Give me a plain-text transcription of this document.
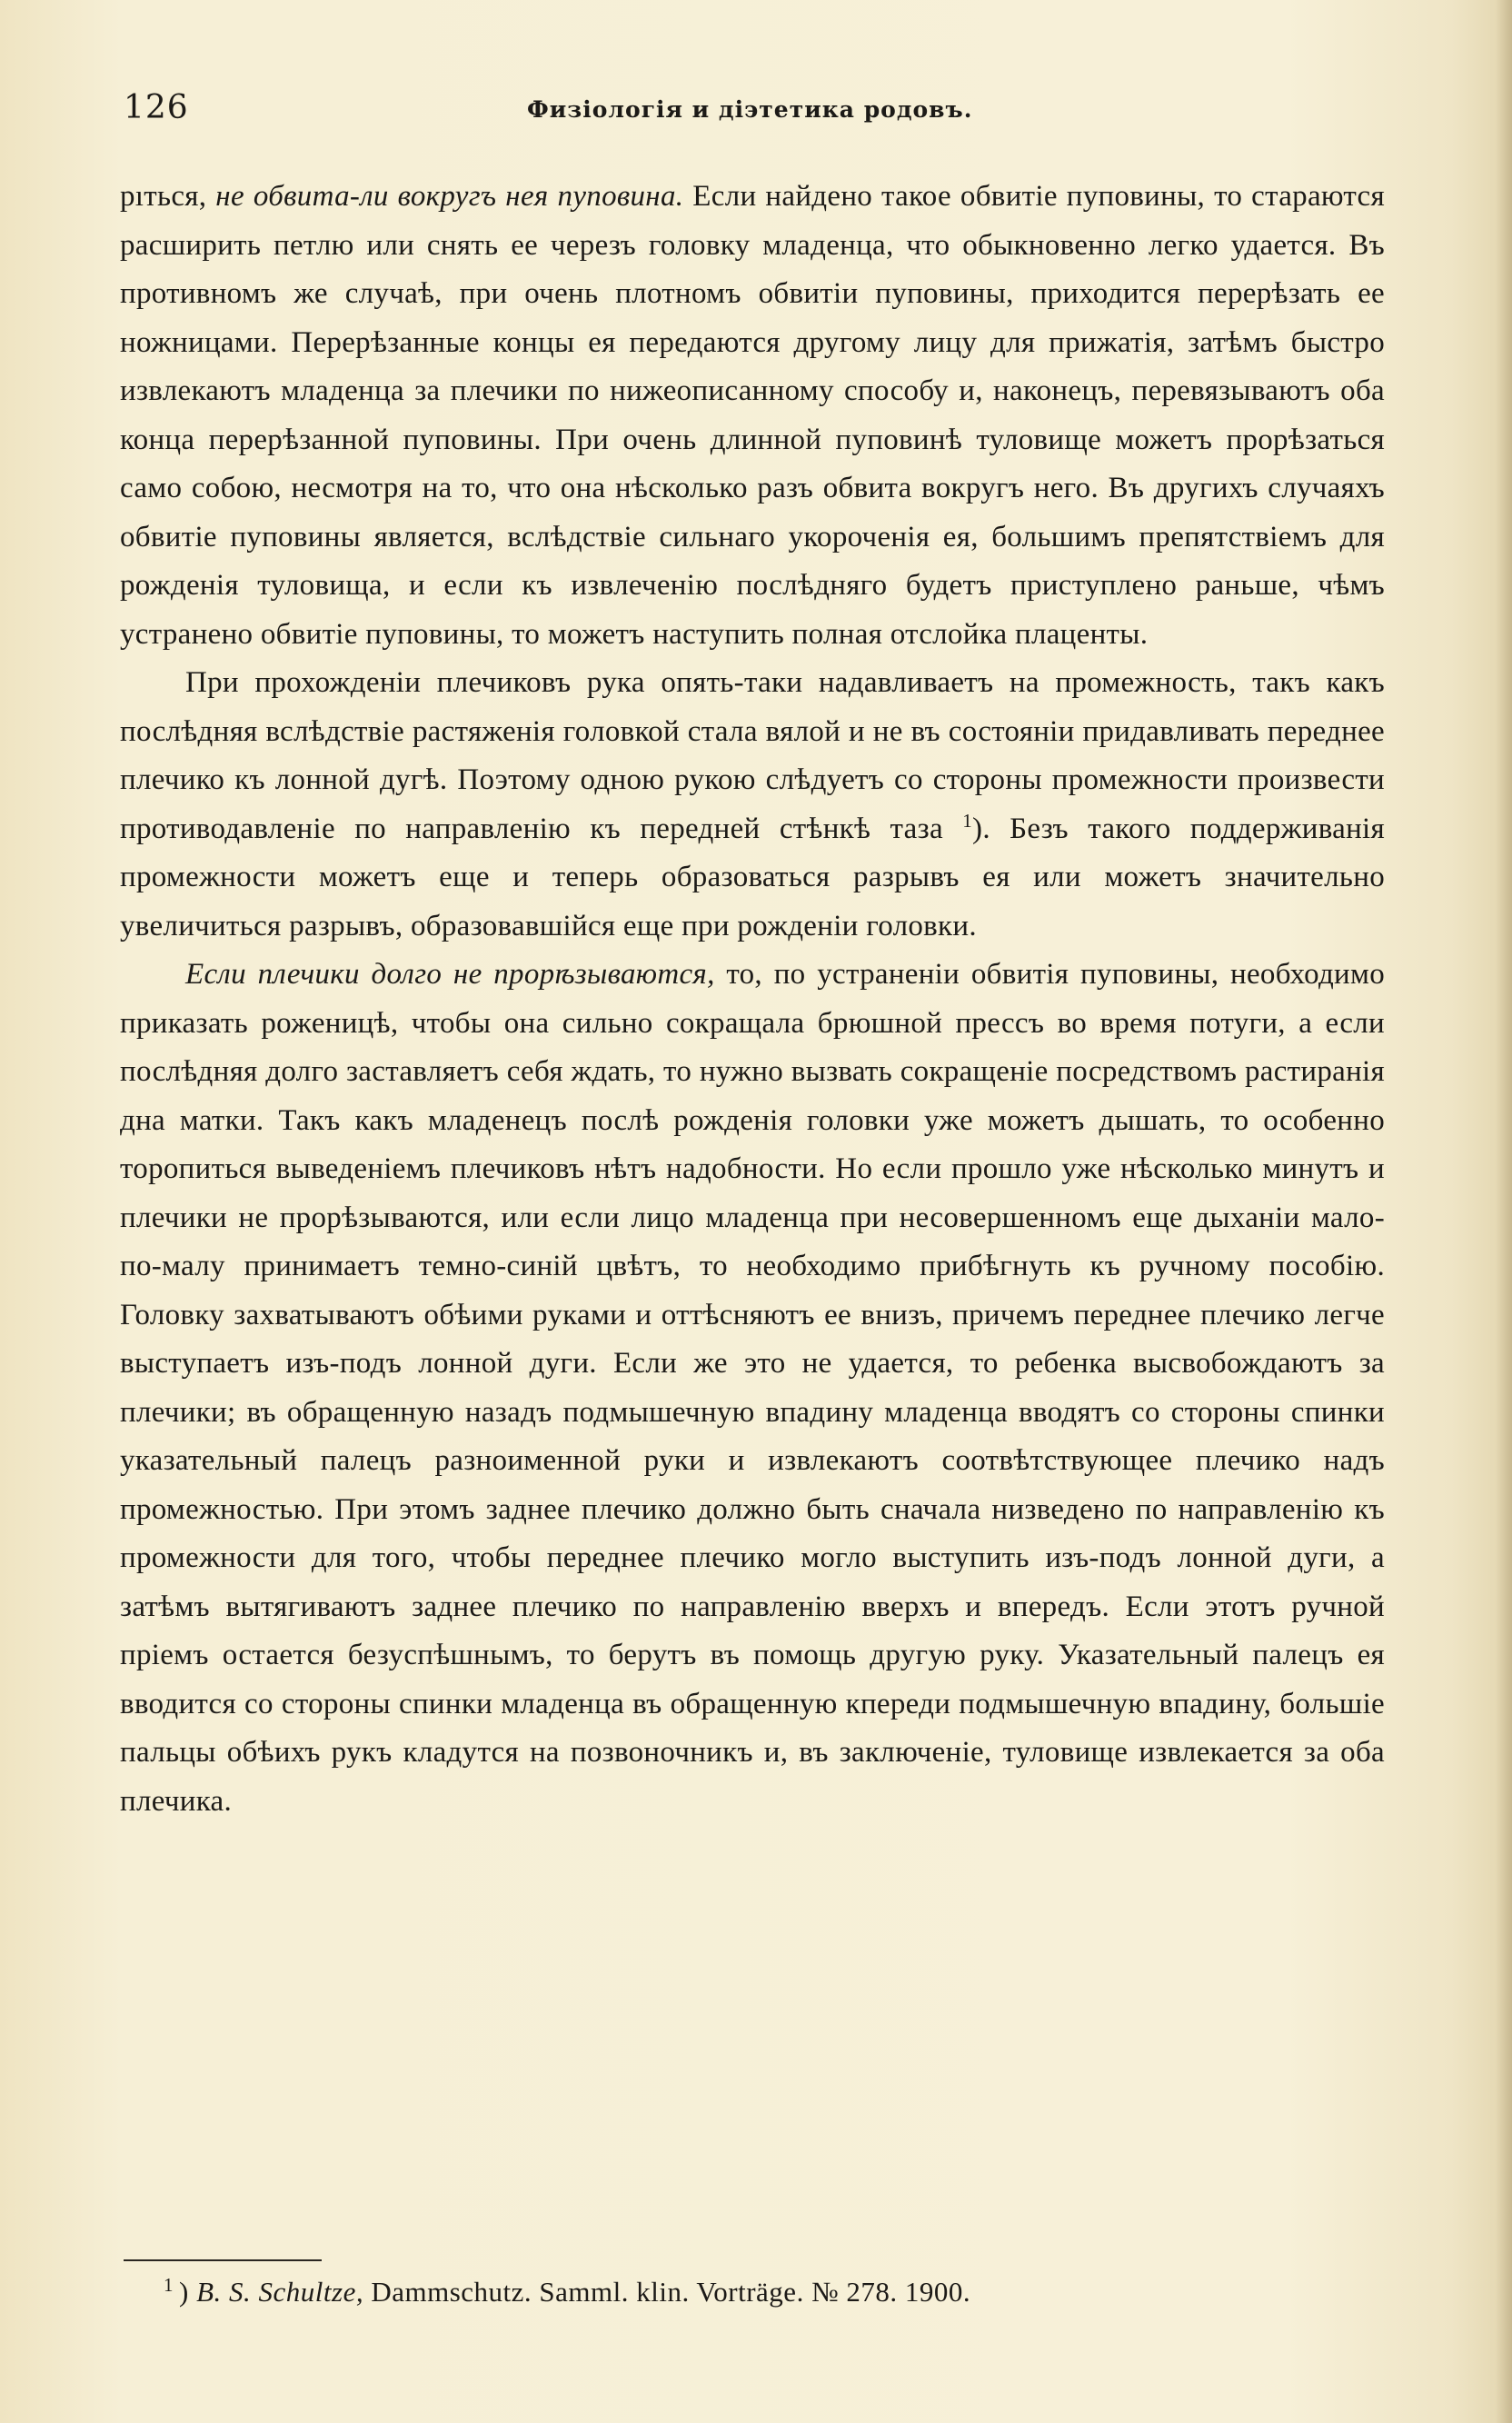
126	Физіологія и діэтетика родовъ.

рıться, не обвита-ли вокругъ нея пуповина. Если найдено такое обвитіе пуповины, то стараются расширить петлю или снять ее черезъ головку младенца, что обыкновенно легко удается. Въ противномъ же случаѣ, при очень плотномъ обвитіи пуповины, приходится перерѣзать ее ножницами. Перерѣзанные концы ея передаются другому лицу для прижатія, затѣмъ быстро извлекаютъ младенца за плечики по нижеописанному способу и, наконецъ, перевязываютъ оба конца перерѣзанной пуповины. При очень длинной пуповинѣ туловище можетъ прорѣзаться само собою, несмотря на то, что она нѣсколько разъ обвита вокругъ него. Въ другихъ случаяхъ обвитіе пуповины является, вслѣдствіе сильнаго укороченія ея, большимъ препятствіемъ для рожденія туловища, и если къ извлеченію послѣдняго будетъ приступлено раньше, чѣмъ устранено обвитіе пуповины, то можетъ наступить полная отслойка плаценты.

При прохожденіи плечиковъ рука опять-таки надавливаетъ на промежность, такъ какъ послѣдняя вслѣдствіе растяженія головкой стала вялой и не въ состояніи придавливать переднее плечико къ лонной дугѣ. Поэтому одною рукою слѣдуетъ со стороны промежности произвести противодавленіе по направленію къ передней стѣнкѣ таза $^1$). Безъ такого поддерживанія промежности можетъ еще и теперь образоваться разрывъ ея или можетъ значительно увеличиться разрывъ, образовавшійся еще при рожденіи головки.

Если плечики долго не прорѣзываются, то, по устраненіи обвитія пуповины, необходимо приказать роженицѣ, чтобы она сильно сокращала брюшной прессъ во время потуги, а если послѣдняя долго заставляетъ себя ждать, то нужно вызвать сокращеніе посредствомъ растиранія дна матки. Такъ какъ младенецъ послѣ рожденія головки уже можетъ дышать, то особенно торопиться выведеніемъ плечиковъ нѣтъ надобности. Но если прошло уже нѣсколько минутъ и плечики не прорѣзываются, или если лицо младенца при несовершенномъ еще дыханіи мало-по-малу принимаетъ темно-синій цвѣтъ, то необходимо прибѣгнуть къ ручному пособію. Головку захватываютъ обѣими руками и оттѣсняютъ ее внизъ, причемъ переднее плечико легче выступаетъ изъ-подъ лонной дуги. Если же это не удается, то ребенка высвобождаютъ за плечики; въ обращенную назадъ подмышечную впадину младенца вводятъ со стороны спинки указательный палецъ разноименной руки и извлекаютъ соотвѣтствующее плечико надъ промежностью. При этомъ заднее плечико должно быть сначала низведено по направленію къ промежности для того, чтобы переднее плечико могло выступить изъ-подъ лонной дуги, а затѣмъ вытягиваютъ заднее плечико по направленію вверхъ и впередъ. Если этотъ ручной пріемъ остается безуспѣшнымъ, то берутъ въ помощь другую руку. Указательный палецъ ея вводится со стороны спинки младенца въ обращенную кпереди подмышечную впадину, большіе пальцы обѣихъ рукъ кладутся на позвоночникъ и, въ заключеніе, туловище извлекается за оба плечика.

$^1$ ) B. S. Schultze, Dammschutz. Samml. klin. Vorträge. № 278. 1900.
